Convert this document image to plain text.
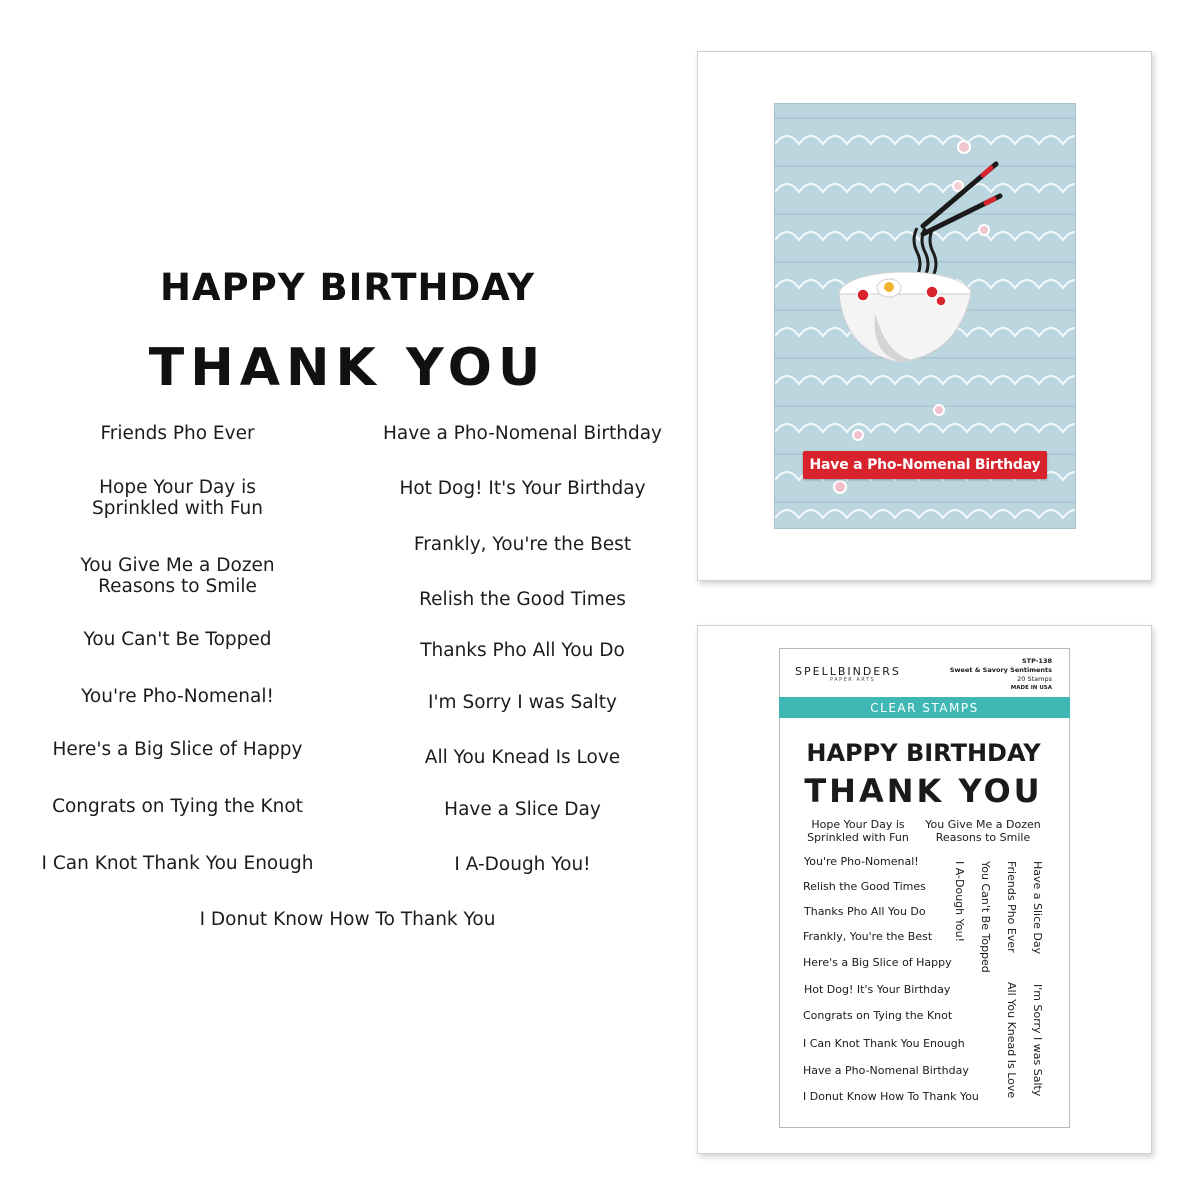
HAPPY BIRTHDAY
THANK YOU
Friends Pho Ever
Hope Your Day is
Sprinkled with Fun
You Give Me a Dozen
Reasons to Smile
You Can't Be Topped
You're Pho-Nomenal!
Here's a Big Slice of Happy
Congrats on Tying the Knot
I Can Knot Thank You Enough
Have a Pho-Nomenal Birthday
Hot Dog! It's Your Birthday
Frankly, You're the Best
Relish the Good Times
Thanks Pho All You Do
I'm Sorry I was Salty
All You Knead Is Love
Have a Slice Day
I A-Dough You!
I Donut Know How To Thank You
Have a Pho-Nomenal Birthday
SPELLBINDERS
PAPER ARTS
STP-138
Sweet & Savory Sentiments
20 Stamps
MADE IN USA
CLEAR STAMPS
HAPPY BIRTHDAY
THANK YOU
Hope Your Day is
Sprinkled with Fun
You Give Me a Dozen
Reasons to Smile
You're Pho-Nomenal!
Relish the Good Times
Thanks Pho All You Do
Frankly, You're the Best
Here's a Big Slice of Happy
Hot Dog! It's Your Birthday
Congrats on Tying the Knot
I Can Knot Thank You Enough
Have a Pho-Nomenal Birthday
I Donut Know How To Thank You
I A-Dough You! You Can't Be Topped Friends Pho Ever Have a Slice Day
All You Knead Is Love I'm Sorry I was Salty
